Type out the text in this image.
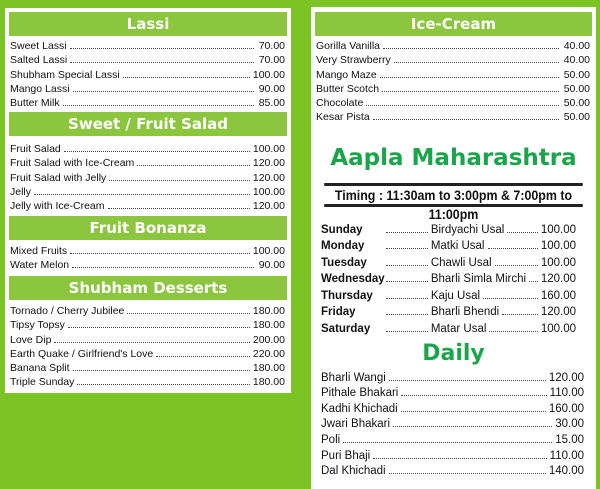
Lassi
Sweet Lassi	70.00
Salted Lassi	70.00
Shubham Special Lassi	100.00
Mango Lassi	90.00
Butter Milk	85.00
Sweet / Fruit Salad
Fruit Salad	100.00
Fruit Salad with Ice-Cream	120.00
Fruit Salad with Jelly	120.00
Jelly	100.00
Jelly with Ice-Cream	120.00
Fruit Bonanza
Mixed Fruits	100.00
Water Melon	90.00
Shubham Desserts
Tornado / Cherry Jubilee	180.00
Tipsy Topsy	180.00
Love Dip	200.00
Earth Quake / Girlfriend's Love	220.00
Banana Split	180.00
Triple Sunday	180.00
Timing : 11:30am to 3:00pm & 7:00pm to 11:00pm
Aapla Maharashtra
Sunday	Birdyachi Usal	100.00
Monday	Matki Usal	100.00
Tuesday	Chawli Usal	100.00
Wednesday	Bharli Simla Mirchi 120.00
Thursday	Kaju Usal	160.00
Friday	Bharli Bhendi	120.00
Saturday	Matar Usal	100.00
Daily
Bharli Wangi	120.00
Pithale Bhakari	110.00
Kadhi Khichadi	160.00
Jwari Bhakari	30.00
Poli	15.00
Puri Bhaji	110.00
Dal Khichadi	140.00
Ice-Cream
Gorilla Vanilla	40.00
Very Strawberry	40.00
Mango Maze	50.00
Butter Scotch	50.00
Chocolate	50.00
Kesar Pista	50.00
